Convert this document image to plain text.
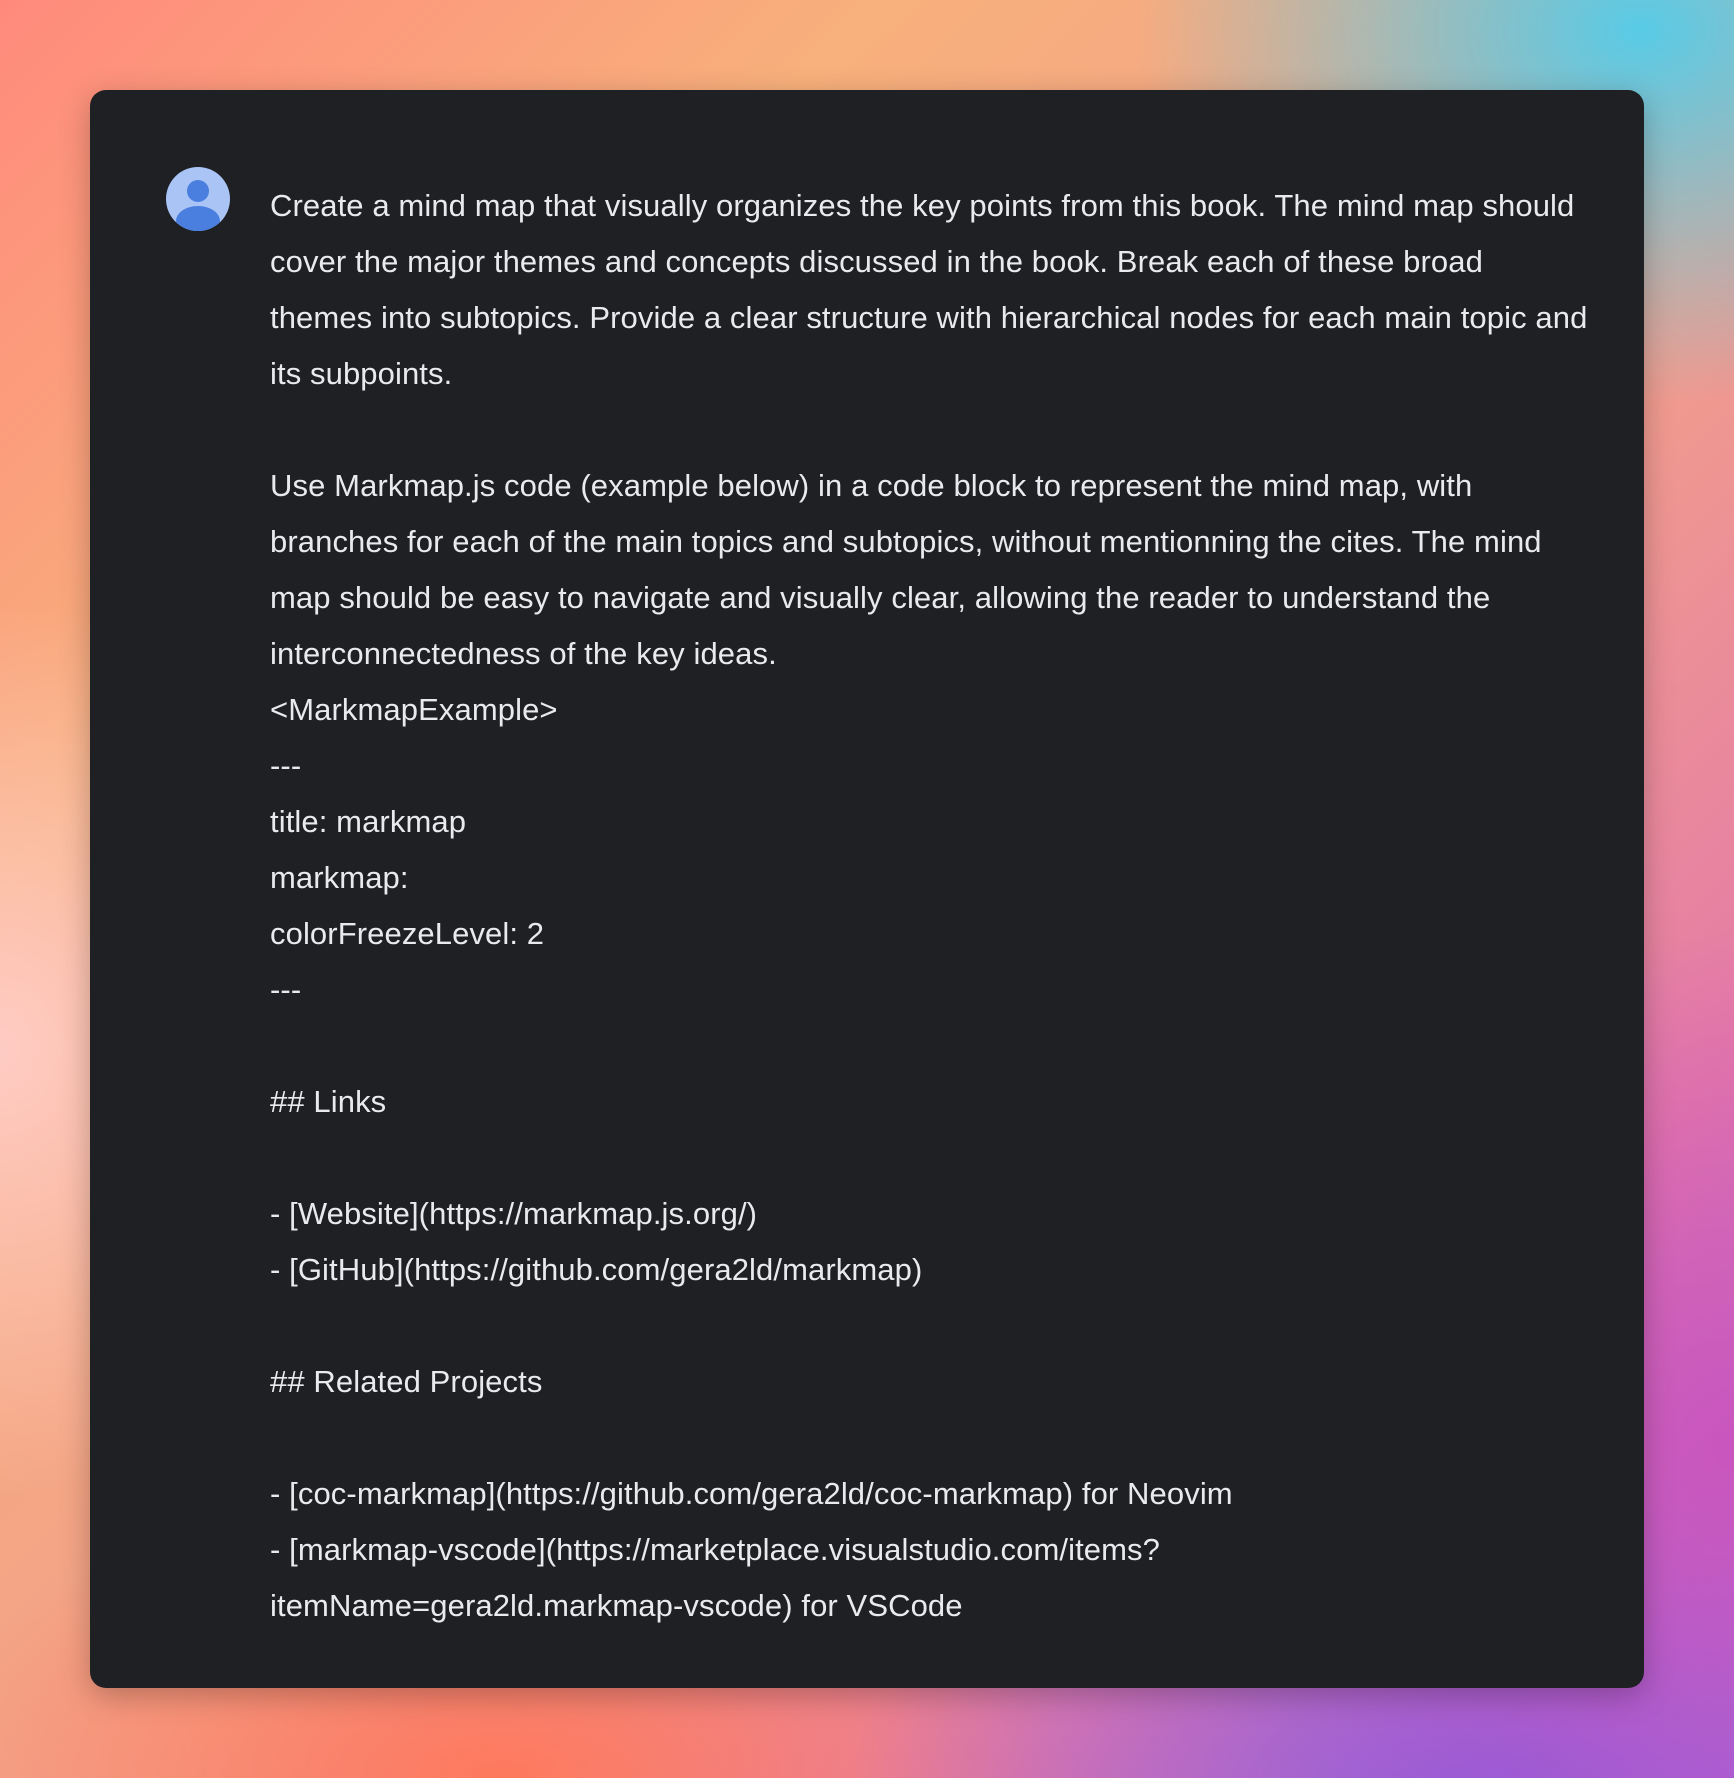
Create a mind map that visually organizes the key points from this book. The mind map should cover the major themes and concepts discussed in the book. Break each of these broad themes into subtopics. Provide a clear structure with hierarchical nodes for each main topic and its subpoints.

Use Markmap.js code (example below) in a code block to represent the mind map, with branches for each of the main topics and subtopics, without mentionning the cites. The mind map should be easy to navigate and visually clear, allowing the reader to understand the interconnectedness of the key ideas.

<MarkmapExample>

---

title: markmap

markmap:

colorFreezeLevel: 2

---

## Links

- [Website](https://markmap.js.org/)

- [GitHub](https://github.com/gera2ld/markmap)

## Related Projects

- [coc-markmap](https://github.com/gera2ld/coc-markmap) for Neovim

- [markmap-vscode](https://marketplace.visualstudio.com/items?

itemName=gera2ld.markmap-vscode) for VSCode
